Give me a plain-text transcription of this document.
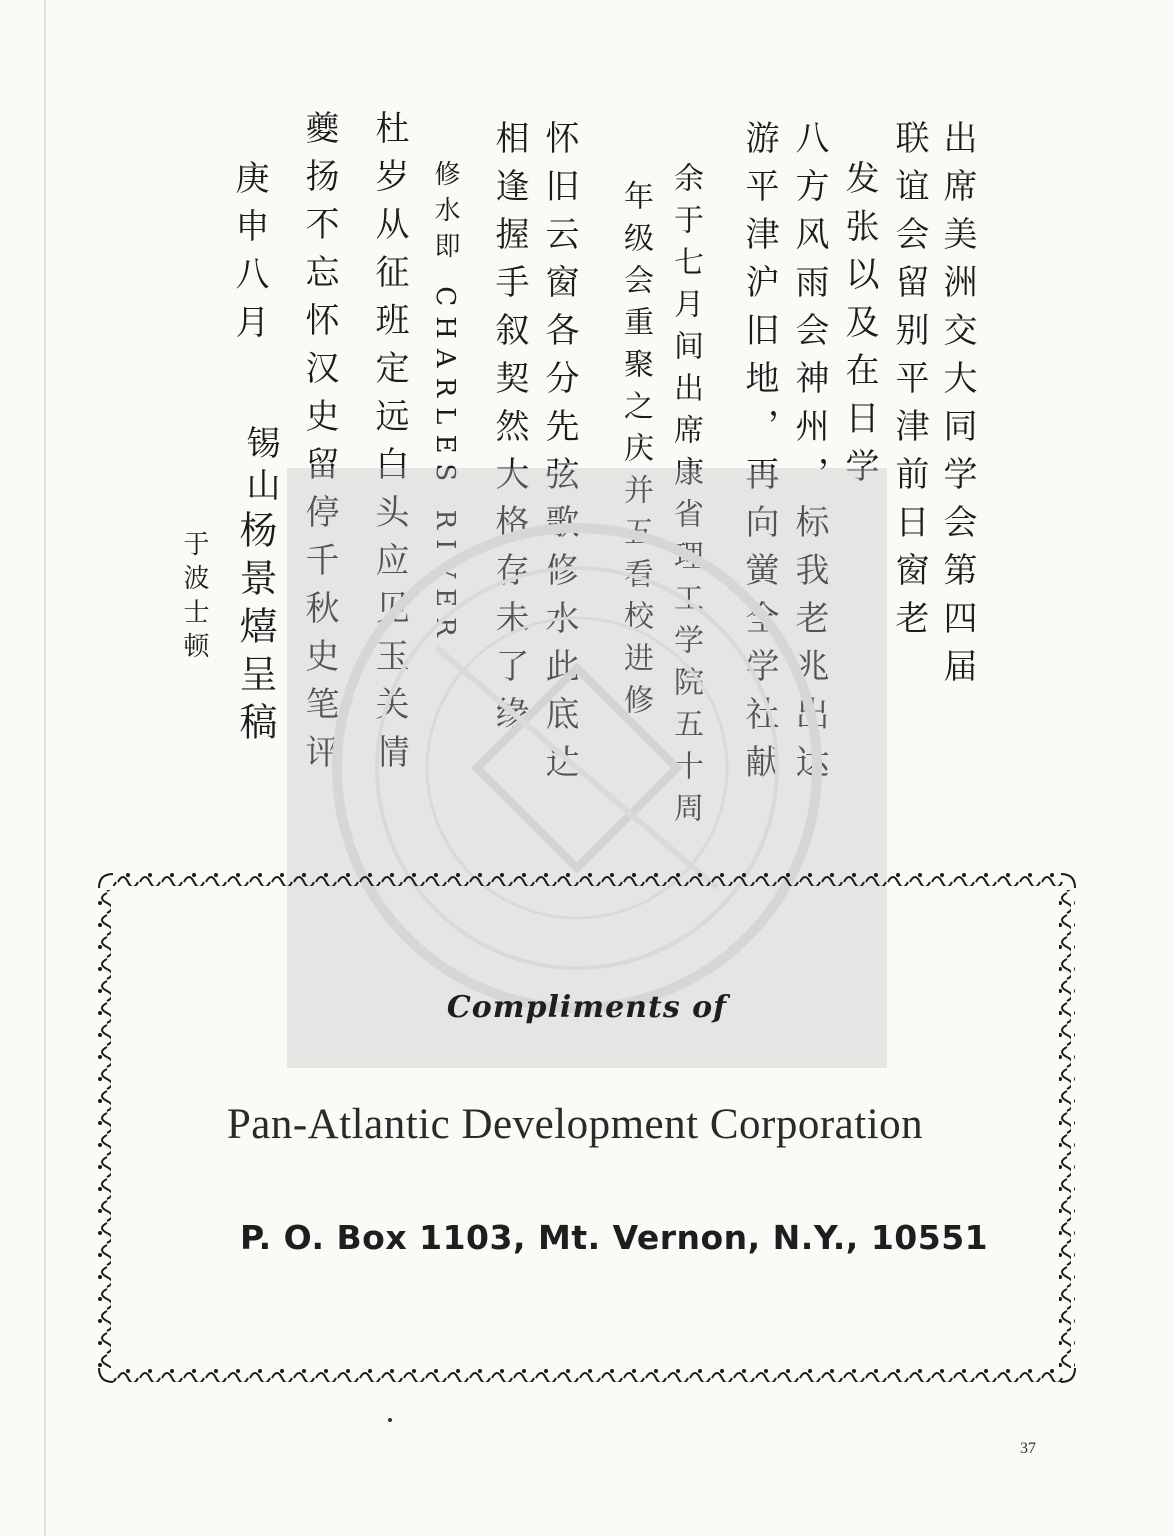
出席美洲交大同学会第四届
联谊会留别平津前日窗老
发张以及在日学
八方风雨会神州，标我老兆出达
游平津沪旧地，再向黉全学社献
余于七月间出席康省理工学院五十周
年级会重聚之庆并五看校进修
怀旧云窗各分先弦歌修水此底达
相逢握手叙契然大格存未了缘
修水即 CHARLES RIVER
杜岁从征班定远白头应见玉关情
夔扬不忘怀汉史留停千秋史笔评
庚申八月
锡山
杨景熺呈稿
于波士顿
Compliments of
Pan-Atlantic Development Corporation
P. O. Box 1103, Mt. Vernon, N.Y., 10551
37
